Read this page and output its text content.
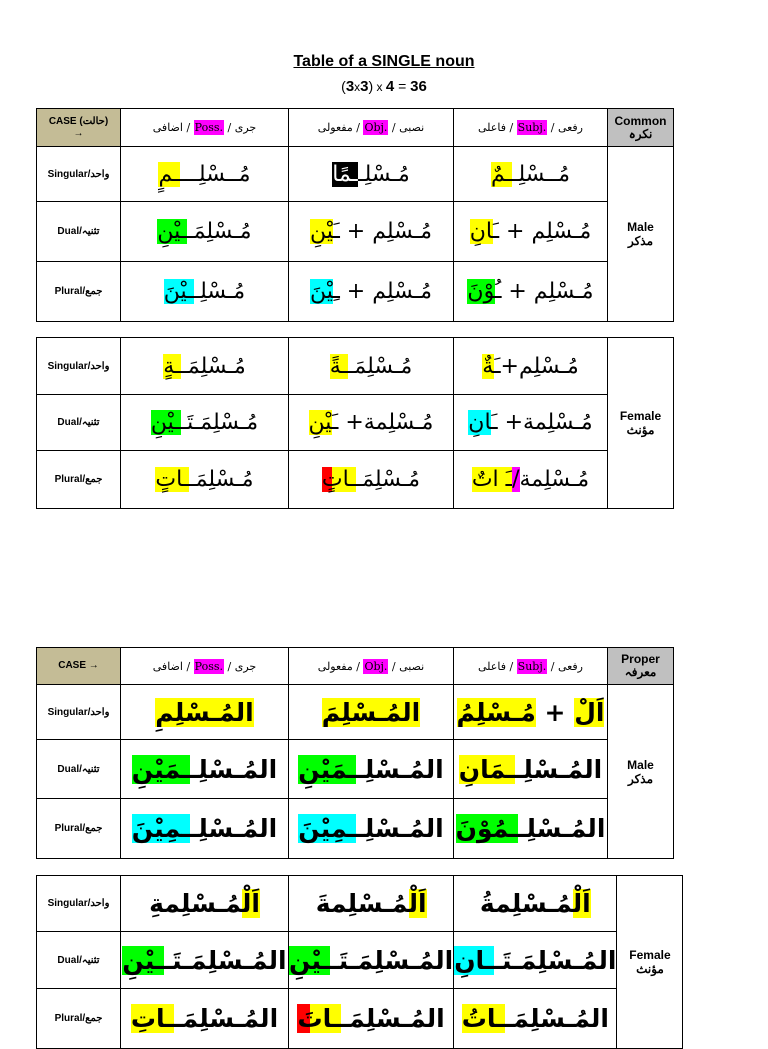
Table of a SINGLE noun
(3x3) x 4 = 36
CASE (حالت)
→	اضافی / Poss. / جری	مفعولی / Obj. / نصبی	فاعلی / Subj. / رفعی	Common
نکرہ
Singular/واحد	مُــسْلِــــمٍ	مُـسْلِــمًا	مُــسْلِــمٌ	Male
مذکر
Dual/تثنیہ	مُـسْلِمَــيْنِ	مُـسْلِم + ـَيْنِ	مُـسْلِم + ـَانِ	
Plural/جمع	مُـسْلِــيْنَ	مُـسْلِم + ـِيْنَ	مُـسْلِم + ـُوْنَ	
Singular/واحد	مُـسْلِمَــةٍ	مُـسْلِمَــةً	مُـسْلِم+ـَةٌ	Female
مؤنث
Dual/تثنیہ	مُـسْلِمَـتَــيْنِ	مُـسْلِمة+ ـَيْنِ	مُـسْلِمة+ ـَانِ	
Plural/جمع	مُـسْلِمَــاتٍ	مُـسْلِمَــاتٍ	مُـسْلِمة/ـَ اتٌ	
CASE →	اضافی / Poss. / جری	مفعولی / Obj. / نصبی	فاعلی / Subj. / رفعی	Proper
معرفہ
Singular/واحد	المُـسْلِمِ	المُـسْلِمَ	اَلْ + مُـسْلِمُ	Male
مذکر
Dual/تثنیہ	المُـسْلِــمَيْنِ	المُـسْلِــمَيْنِ	المُـسْلِــمَانِ	
Plural/جمع	المُـسْلِــمِيْنَ	المُـسْلِــمِيْنَ	المُـسْلِــمُوْنَ	
Singular/واحد	اَلْمُـسْلِمةِ	اَلْمُـسْلِمةَ	اَلْمُـسْلِمةُ	Female
مؤنث
Dual/تثنیہ	المُـسْلِمَـتَــيْنِ	المُـسْلِمَـتَــيْنِ	المُـسْلِمَـتَــانِ	
Plural/جمع	المُـسْلِمَــاتِ	المُـسْلِمَــاتَ	المُـسْلِمَــاتُ	
